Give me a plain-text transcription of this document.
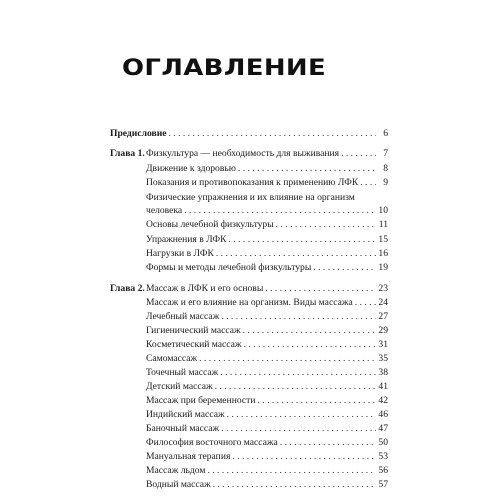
ОГЛАВЛЕНИЕ
Предисловие . . .	6
Глава 1. Физкультура — необходимость для выживания . . .	7
Движение к здоровью . . .	8
Показания и противопоказания к применению ЛФК . . .	9
Физические упражнения и их влияние на организм
человека . . .	10
Основы лечебной физкультуры . . .	11
Упражнения в ЛФК . . .	15
Нагрузки в ЛФК . . .	16
Формы и методы лечебной физкультуры . . .	19
Глава 2. Массаж в ЛФК и его основы . . .	23
Массаж и его влияние на организм. Виды массажа . . .	24
Лечебный массаж . . .	27
Гигиенический массаж . . .	29
Косметический массаж . . .	31
Самомассаж . . .	35
Точечный массаж . . .	38
Детский массаж . . .	41
Массаж при беременности . . .	42
Индийский массаж . . .	46
Баночный массаж . . .	47
Философия восточного массажа . . .	50
Мануальная терапия . . .	53
Массаж льдом . . .	56
Водный массаж . . .	57
